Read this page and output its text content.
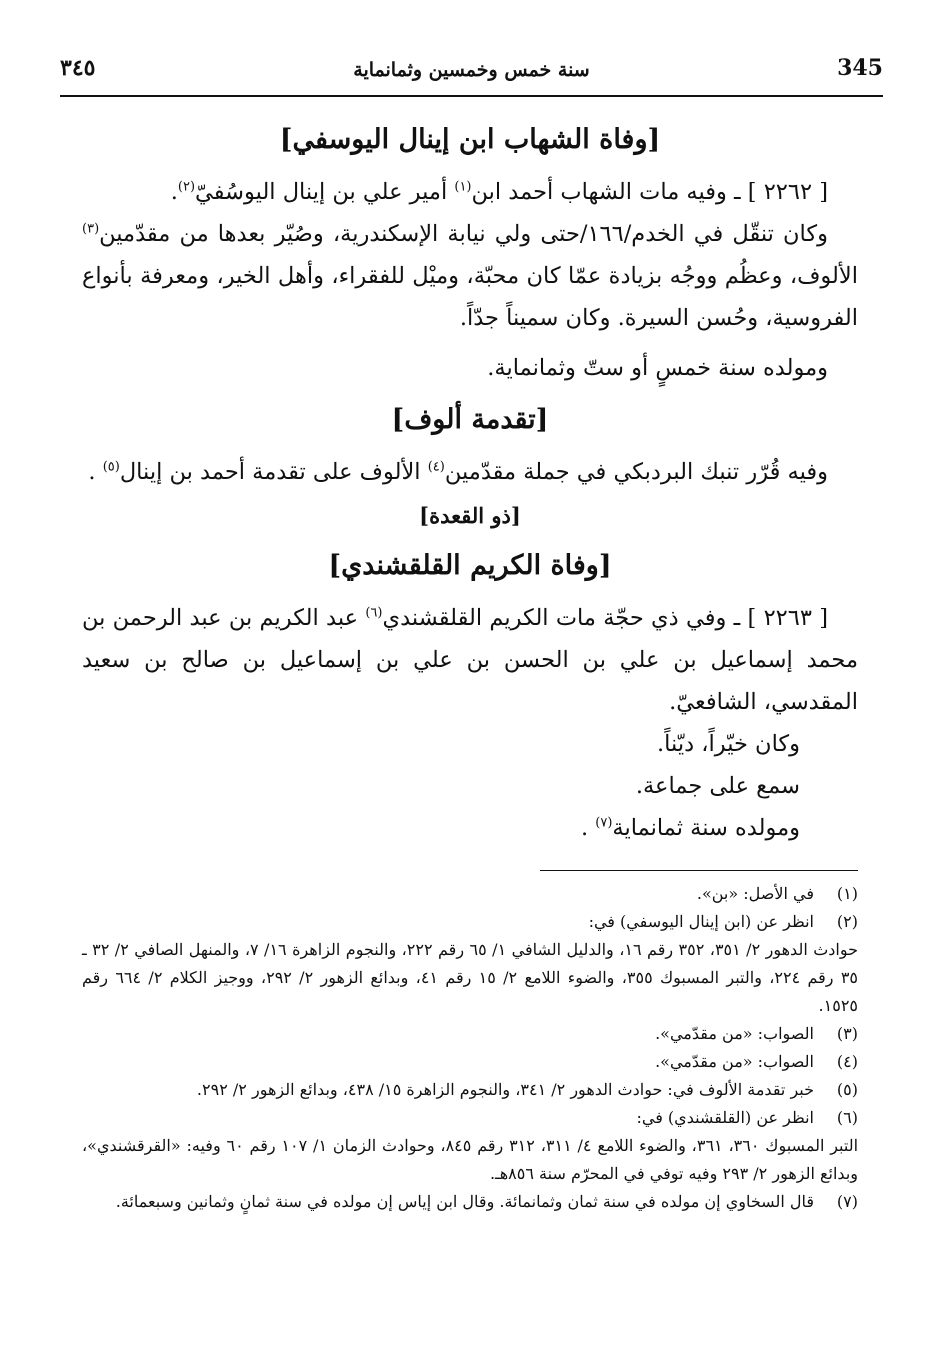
345
سنة خمس وخمسين وثمانماية
٣٤٥
[وفاة الشهاب ابن إينال اليوسفي]

[ ٢٢٦٢ ] ـ وفيه مات الشهاب أحمد ابن$^{(١)}$ أمير علي بن إينال اليوسُفيّ$^{(٢)}$.

وكان تنقّل في الخدم/١٦٦/حتى ولي نيابة الإسكندرية، وصُيّر بعدها من مقدّمين$^{(٣)}$ الألوف، وعظُم ووجُه بزيادة عمّا كان محبّة، وميْل للفقراء، وأهل الخير، ومعرفة بأنواع الفروسية، وحُسن السيرة. وكان سميناً جدّاً.

ومولده سنة خمسٍ أو ستّ وثمانماية.

[تقدمة ألوف]

وفيه قُرّر تنبك البردبكي في جملة مقدّمين$^{(٤)}$ الألوف على تقدمة أحمد بن إينال$^{(٥)}$ .

[ذو القعدة]
[وفاة الكريم القلقشندي]

[ ٢٢٦٣ ] ـ وفي ذي حجّة مات الكريم القلقشندي$^{(٦)}$ عبد الكريم بن عبد الرحمن بن محمد إسماعيل بن علي بن الحسن بن علي بن إسماعيل بن صالح بن سعيد المقدسي، الشافعيّ.

وكان خيّراً، ديّناً.

سمع على جماعة.

ومولده سنة ثمانماية$^{(٧)}$ .

(١)
في الأصل: «بن».
(٢)
انظر عن (ابن إينال اليوسفي) في:
حوادث الدهور ٢/ ٣٥١، ٣٥٢ رقم ١٦، والدليل الشافي ١/ ٦٥ رقم ٢٢٢، والنجوم الزاهرة ١٦/ ٧، والمنهل الصافي ٢/ ٣٢ ـ ٣٥ رقم ٢٢٤، والتبر المسبوك ٣٥٥، والضوء اللامع ٢/ ١٥ رقم ٤١، وبدائع الزهور ٢/ ٢٩٢، ووجيز الكلام ٢/ ٦٦٤ رقم ١٥٢٥.
(٣)
الصواب: «من مقدّمي».
(٤)
الصواب: «من مقدّمي».
(٥)
خبر تقدمة الألوف في: حوادث الدهور ٢/ ٣٤١، والنجوم الزاهرة ١٥/ ٤٣٨، وبدائع الزهور ٢/ ٢٩٢.
(٦)
انظر عن (القلقشندي) في:
التبر المسبوك ٣٦٠، ٣٦١، والضوء اللامع ٤/ ٣١١، ٣١٢ رقم ٨٤٥، وحوادث الزمان ١/ ١٠٧ رقم ٦٠ وفيه: «القرقشندي»، وبدائع الزهور ٢/ ٢٩٣ وفيه توفي في المحرّم سنة ٨٥٦هـ.
(٧)
قال السخاوي إن مولده في سنة ثمان وثمانمائة. وقال ابن إياس إن مولده في سنة ثمانٍ وثمانين وسبعمائة.
